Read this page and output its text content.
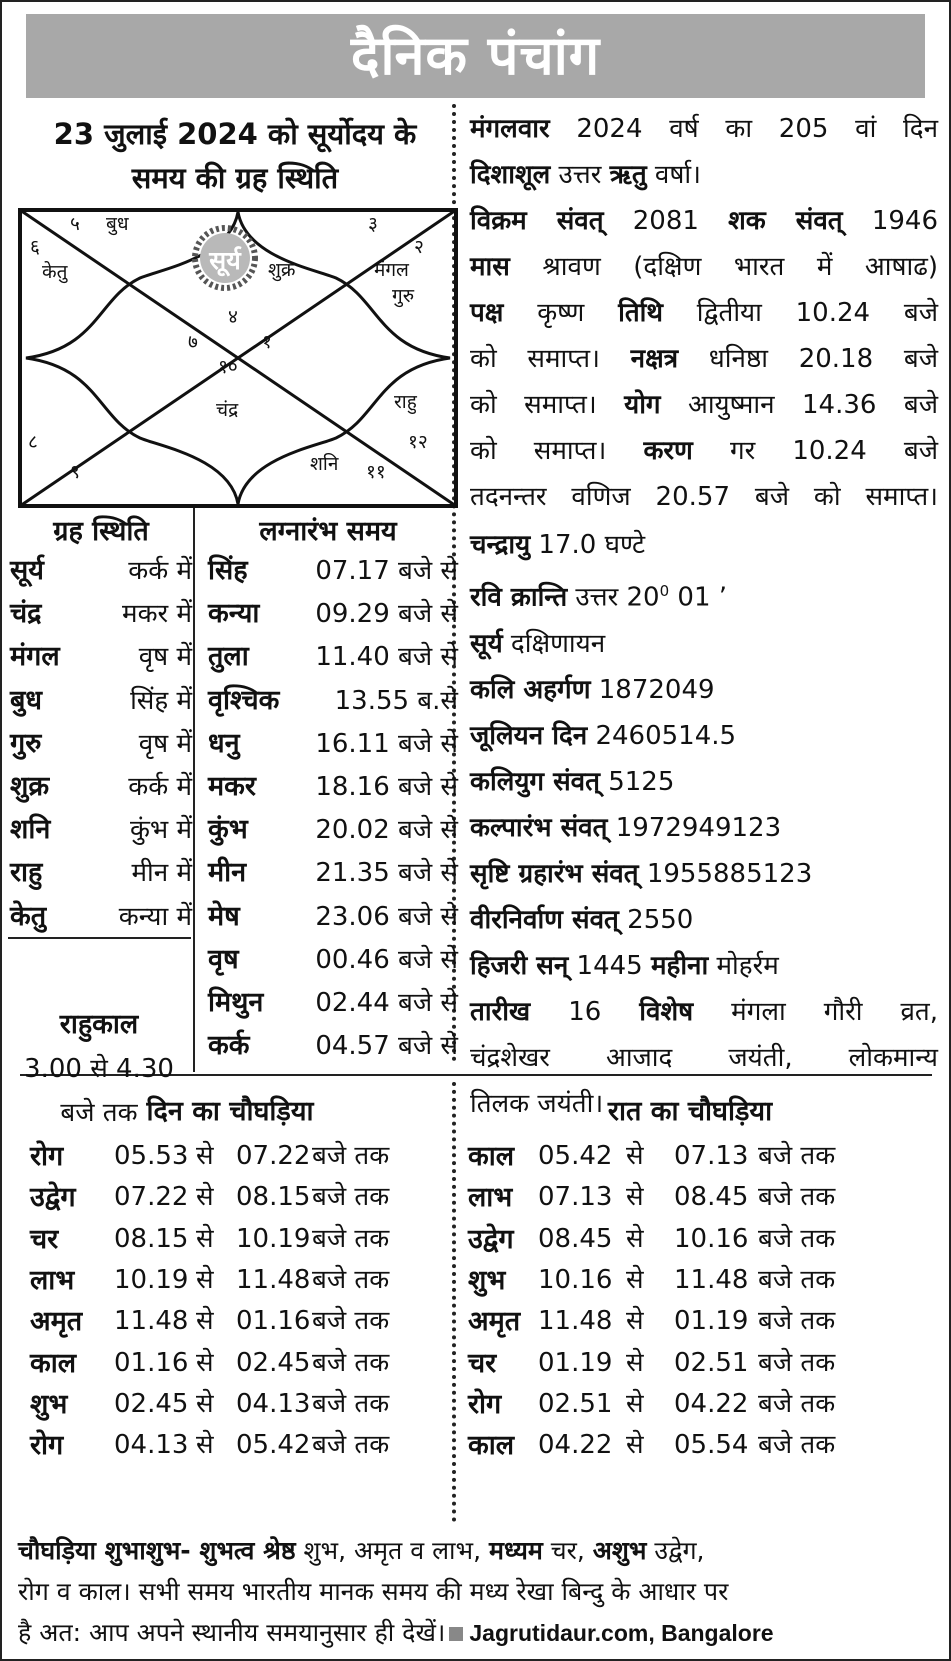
दैनिक पंचांग
23 जुलाई 2024 को सूर्योदय के
समय की ग्रह स्थिति
सूर्य
५
६
३
२
४
७	१
१०
८
९
१२
११
बुध
केतु	शुक्र	मंगल
गुरु
चंद्र	राहु
शनि

मंगलवार 2024 वर्ष का 205 वां दिन

दिशाशूल उत्तर ऋतु वर्षा।

विक्रम संवत् 2081 शक संवत् 1946

मास श्रावण (दक्षिण भारत में आषाढ)

पक्ष कृष्ण तिथि द्वितीया 10.24 बजे

को समाप्त। नक्षत्र धनिष्ठा 20.18 बजे

को समाप्त। योग आयुष्मान 14.36 बजे

को समाप्त। करण गर 10.24 बजे

तदनन्तर वणिज 20.57 बजे को समाप्त।

चन्द्रायु 17.0 घण्टे

रवि क्रान्ति उत्तर $20^0$ 01 ’

सूर्य दक्षिणायन

कलि अहर्गण 1872049

जूलियन दिन 2460514.5

कलियुग संवत् 5125

कल्पारंभ संवत् 1972949123

सृष्टि ग्रहारंभ संवत् 1955885123

वीरनिर्वाण संवत् 2550

हिजरी सन् 1445 महीना मोहर्रम

तारीख 16 विशेष मंगला गौरी व्रत,

चंद्रशेखर आजाद जयंती, लोकमान्य

तिलक जयंती।

ग्रह स्थिति
सूर्य	कर्क में
चंद्र	मकर में
मंगल	वृष में
बुध	सिंह में
गुरु	वृष में
शुक्र	कर्क में
शनि	कुंभ में
राहु	मीन में
केतु	कन्या में
लग्नारंभ समय
सिंह	07.17 बजे से
कन्या 09.29 बजे से
तुला	11.40 बजे से
वृश्चिक 13.55 ब.से
धनु	16.11 बजे से
मकर 18.16 बजे से
कुंभ	20.02 बजे से
मीन	21.35 बजे से
मेष	23.06 बजे से
वृष	00.46 बजे से
मिथुन 02.44 बजे से
कर्क	04.57 बजे से
राहुकाल
3.00 से 4.30
बजे तक दिन का चौघड़िया	रात का चौघड़िया
रोग 05.53 से 07.22 बजे तक
उद्वेग 07.22 से 08.15 बजे तक
चर 08.15 से 10.19 बजे तक
लाभ 10.19 से 11.48 बजे तक
अमृत 11.48 से 01.16 बजे तक
काल 01.16 से 02.45 बजे तक
शुभ 02.45 से 04.13 बजे तक
रोग 04.13 से 05.42 बजे तक
काल 05.42 से 07.13 बजे तक
लाभ 07.13 से 08.45 बजे तक
उद्वेग 08.45 से 10.16 बजे तक
शुभ 10.16 से 11.48 बजे तक
अमृत 11.48 से 01.19 बजे तक
चर 01.19 से 02.51 बजे तक
रोग 02.51 से 04.22 बजे तक
काल 04.22 से 05.54 बजे तक

चौघड़िया शुभाशुभ- शुभत्व श्रेष्ठ शुभ, अमृत व लाभ, मध्यम चर, अशुभ उद्वेग,

रोग व काल। सभी समय भारतीय मानक समय की मध्य रेखा बिन्दु के आधार पर

है अत: आप अपने स्थानीय समयानुसार ही देखें। Jagrutidaur.com, Bangalore
